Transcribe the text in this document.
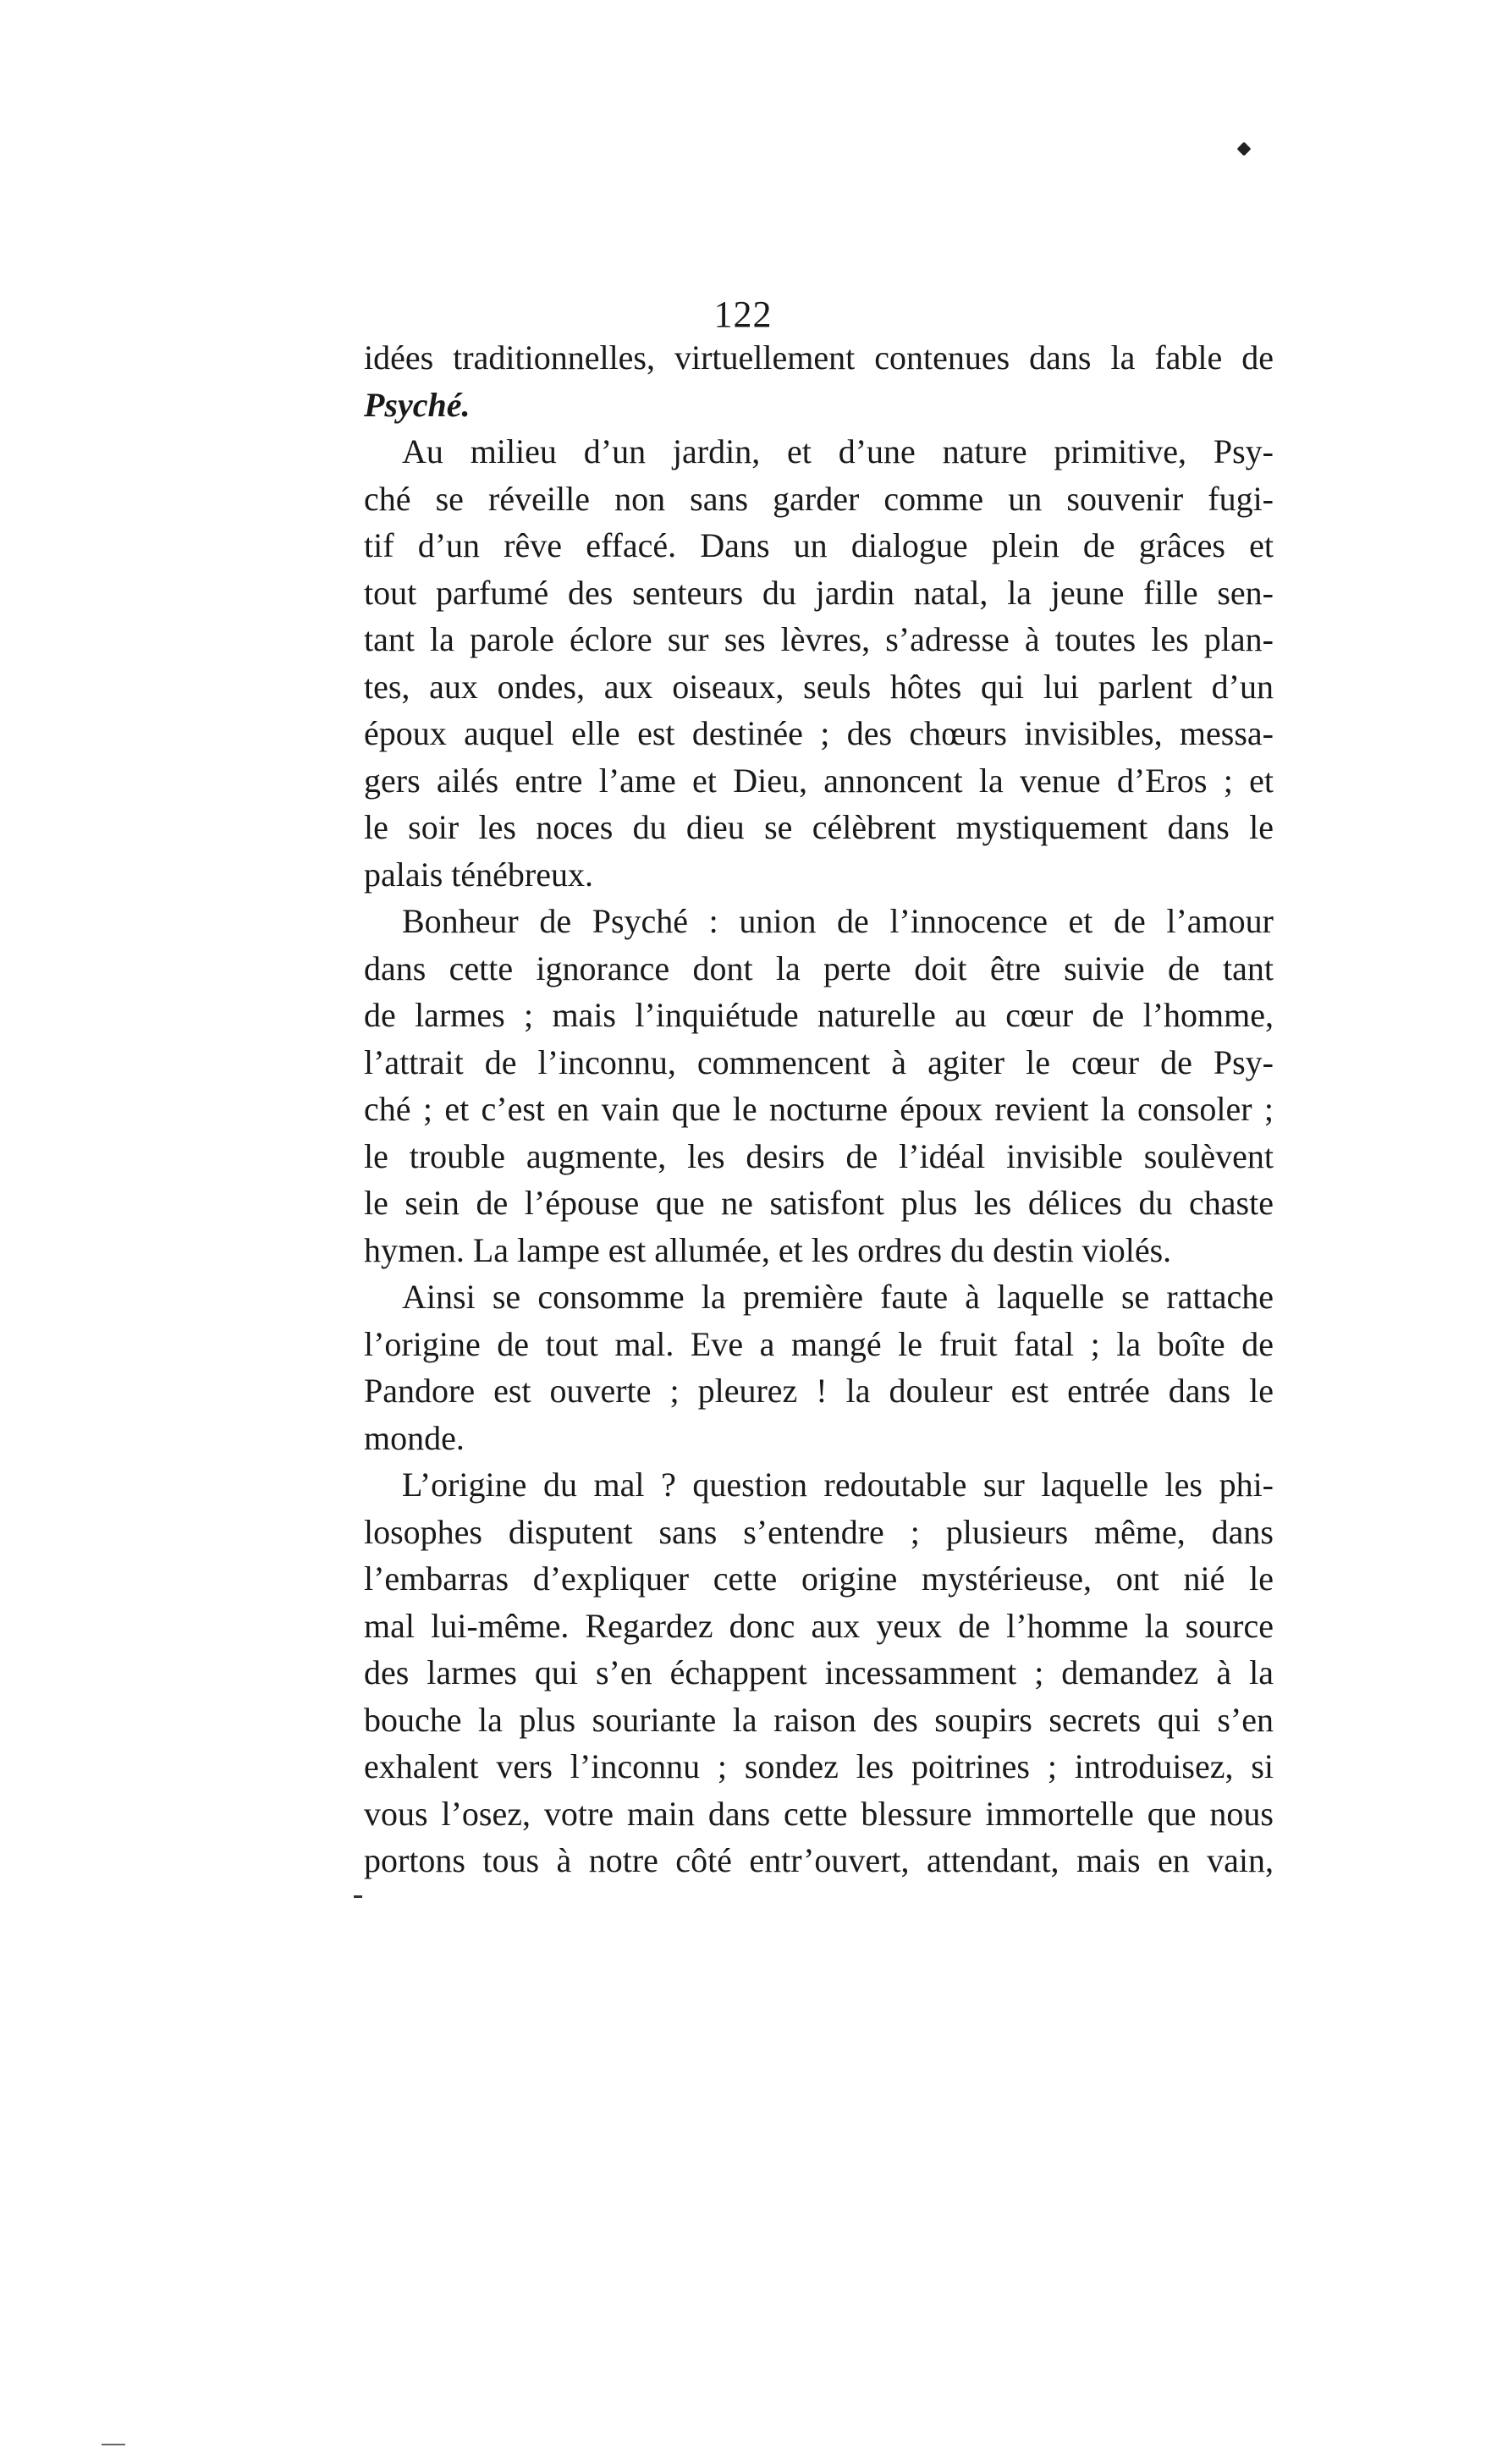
122
idées traditionnelles, virtuellement contenues dans la fable de
Psyché.
Au milieu d’un jardin, et d’une nature primitive, Psy-
ché se réveille non sans garder comme un souvenir fugi-
tif d’un rêve effacé. Dans un dialogue plein de grâces et
tout parfumé des senteurs du jardin natal, la jeune fille sen-
tant la parole éclore sur ses lèvres, s’adresse à toutes les plan-
tes, aux ondes, aux oiseaux, seuls hôtes qui lui parlent d’un
époux auquel elle est destinée ; des chœurs invisibles, messa-
gers ailés entre l’ame et Dieu, annoncent la venue d’Eros ; et
le soir les noces du dieu se célèbrent mystiquement dans le
palais ténébreux.
Bonheur de Psyché : union de l’innocence et de l’amour
dans cette ignorance dont la perte doit être suivie de tant
de larmes ; mais l’inquiétude naturelle au cœur de l’homme,
l’attrait de l’inconnu, commencent à agiter le cœur de Psy-
ché ; et c’est en vain que le nocturne époux revient la consoler ;
le trouble augmente, les desirs de l’idéal invisible soulèvent
le sein de l’épouse que ne satisfont plus les délices du chaste
hymen. La lampe est allumée, et les ordres du destin violés.
Ainsi se consomme la première faute à laquelle se rattache
l’origine de tout mal. Eve a mangé le fruit fatal ; la boîte de
Pandore est ouverte ; pleurez ! la douleur est entrée dans le
monde.
L’origine du mal ? question redoutable sur laquelle les phi-
losophes disputent sans s’entendre ; plusieurs même, dans
l’embarras d’expliquer cette origine mystérieuse, ont nié le
mal lui-même. Regardez donc aux yeux de l’homme la source
des larmes qui s’en échappent incessamment ; demandez à la
bouche la plus souriante la raison des soupirs secrets qui s’en
exhalent vers l’inconnu ; sondez les poitrines ; introduisez, si
vous l’osez, votre main dans cette blessure immortelle que nous
portons tous à notre côté entr’ouvert, attendant, mais en vain,
